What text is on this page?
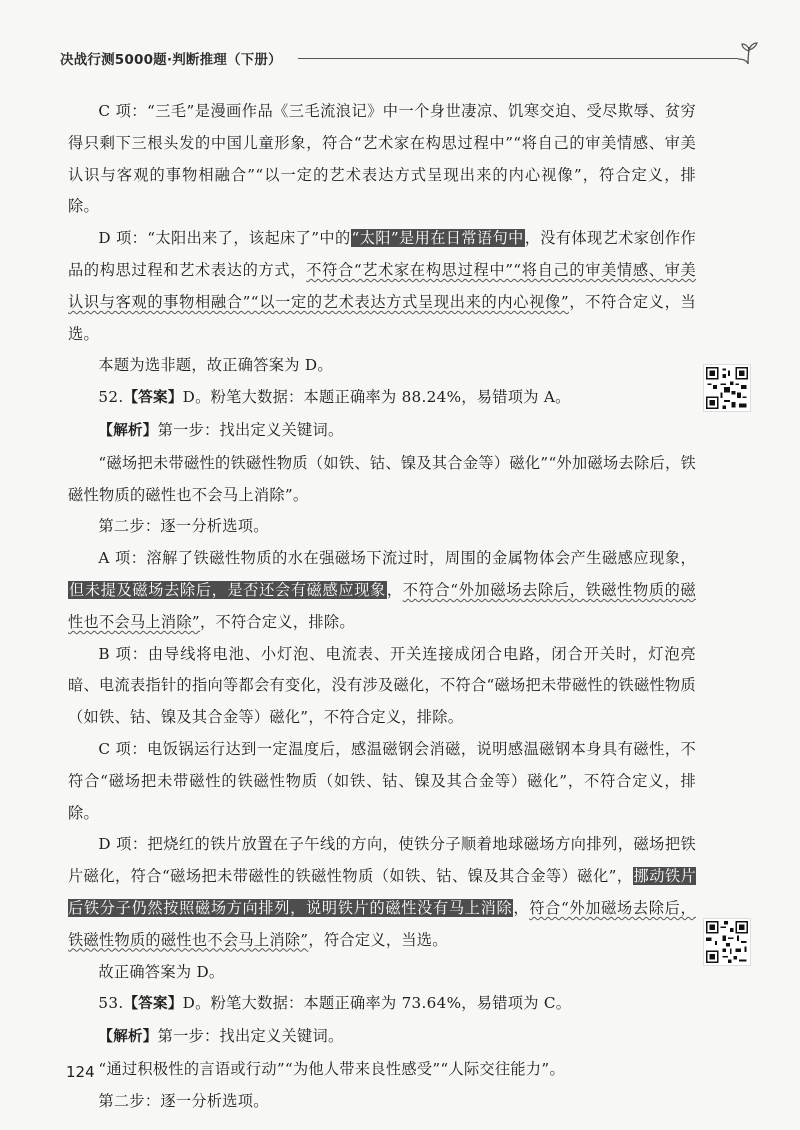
决战行测5000题·判断推理（下册）

C 项：“三毛”是漫画作品《三毛流浪记》中一个身世凄凉、饥寒交迫、受尽欺辱、贫穷得只剩下三根头发的中国儿童形象，符合“艺术家在构思过程中”“将自己的审美情感、审美认识与客观的事物相融合”“以一定的艺术表达方式呈现出来的内心视像”，符合定义，排除。

D 项：“太阳出来了，该起床了”中的“太阳”是用在日常语句中，没有体现艺术家创作作品的构思过程和艺术表达的方式，不符合“艺术家在构思过程中”“将自己的审美情感、审美认识与客观的事物相融合”“以一定的艺术表达方式呈现出来的内心视像”，不符合定义，当选。

本题为选非题，故正确答案为 D。

52.【答案】D。粉笔大数据：本题正确率为 88.24%，易错项为 A。

【解析】第一步：找出定义关键词。

“磁场把未带磁性的铁磁性物质（如铁、钴、镍及其合金等）磁化”“外加磁场去除后，铁磁性物质的磁性也不会马上消除”。

第二步：逐一分析选项。

A 项：溶解了铁磁性物质的水在强磁场下流过时，周围的金属物体会产生磁感应现象，但未提及磁场去除后，是否还会有磁感应现象，不符合“外加磁场去除后，铁磁性物质的磁性也不会马上消除”，不符合定义，排除。

B 项：由导线将电池、小灯泡、电流表、开关连接成闭合电路，闭合开关时，灯泡亮暗、电流表指针的指向等都会有变化，没有涉及磁化，不符合“磁场把未带磁性的铁磁性物质（如铁、钴、镍及其合金等）磁化”，不符合定义，排除。

C 项：电饭锅运行达到一定温度后，感温磁钢会消磁，说明感温磁钢本身具有磁性，不符合“磁场把未带磁性的铁磁性物质（如铁、钴、镍及其合金等）磁化”，不符合定义，排除。

D 项：把烧红的铁片放置在子午线的方向，使铁分子顺着地球磁场方向排列，磁场把铁片磁化，符合“磁场把未带磁性的铁磁性物质（如铁、钴、镍及其合金等）磁化”，挪动铁片后铁分子仍然按照磁场方向排列，说明铁片的磁性没有马上消除，符合“外加磁场去除后，铁磁性物质的磁性也不会马上消除”，符合定义，当选。

故正确答案为 D。

53.【答案】D。粉笔大数据：本题正确率为 73.64%，易错项为 C。

【解析】第一步：找出定义关键词。

“通过积极性的言语或行动”“为他人带来良性感受”“人际交往能力”。

第二步：逐一分析选项。

124
